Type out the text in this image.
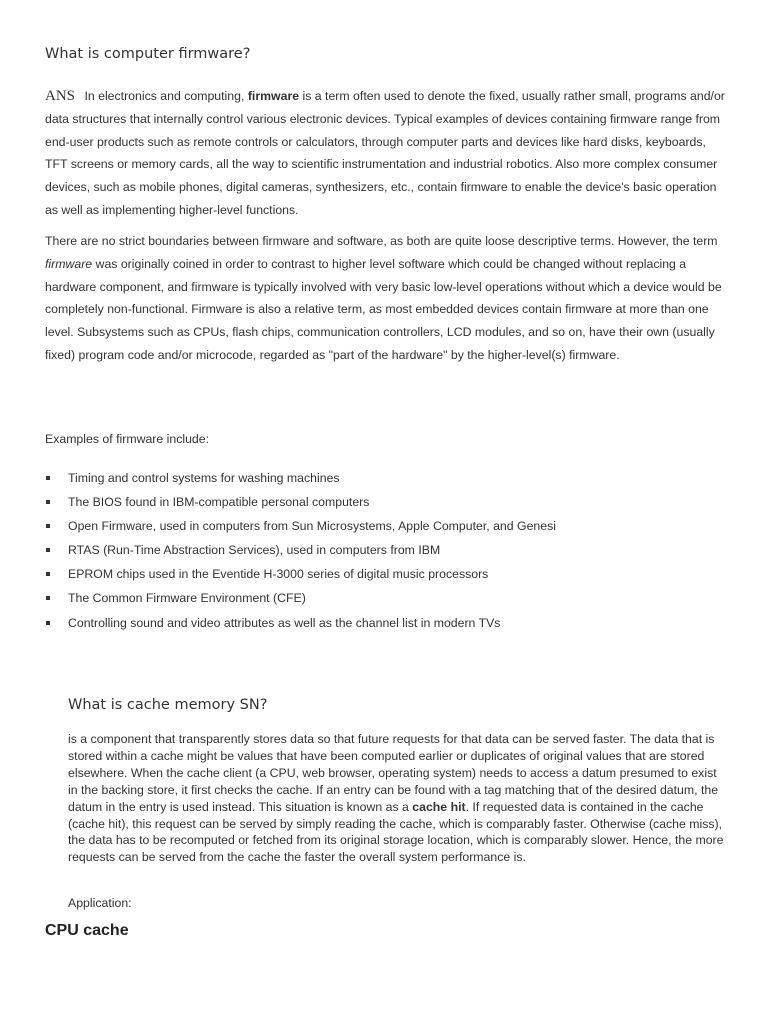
What is computer firmware?

ANS In electronics and computing, firmware is a term often used to denote the fixed, usually rather small, programs and/or data structures that internally control various electronic devices. Typical examples of devices containing firmware range from end-user products such as remote controls or calculators, through computer parts and devices like hard disks, keyboards, TFT screens or memory cards, all the way to scientific instrumentation and industrial robotics. Also more complex consumer devices, such as mobile phones, digital cameras, synthesizers, etc., contain firmware to enable the device's basic operation as well as implementing higher-level functions.

There are no strict boundaries between firmware and software, as both are quite loose descriptive terms. However, the term firmware was originally coined in order to contrast to higher level software which could be changed without replacing a hardware component, and firmware is typically involved with very basic low-level operations without which a device would be completely non-functional. Firmware is also a relative term, as most embedded devices contain firmware at more than one level. Subsystems such as CPUs, flash chips, communication controllers, LCD modules, and so on, have their own (usually fixed) program code and/or microcode, regarded as "part of the hardware" by the higher-level(s) firmware.

Examples of firmware include:

Timing and control systems for washing machines
The BIOS found in IBM-compatible personal computers
Open Firmware, used in computers from Sun Microsystems, Apple Computer, and Genesi
RTAS (Run-Time Abstraction Services), used in computers from IBM
EPROM chips used in the Eventide H-3000 series of digital music processors
The Common Firmware Environment (CFE)
Controlling sound and video attributes as well as the channel list in modern TVs
What is cache memory SN?

is a component that transparently stores data so that future requests for that data can be served faster. The data that is stored within a cache might be values that have been computed earlier or duplicates of original values that are stored elsewhere. When the cache client (a CPU, web browser, operating system) needs to access a datum presumed to exist in the backing store, it first checks the cache. If an entry can be found with a tag matching that of the desired datum, the datum in the entry is used instead. This situation is known as a cache hit. If requested data is contained in the cache (cache hit), this request can be served by simply reading the cache, which is comparably faster. Otherwise (cache miss), the data has to be recomputed or fetched from its original storage location, which is comparably slower. Hence, the more requests can be served from the cache the faster the overall system performance is.

Application:

CPU cache
